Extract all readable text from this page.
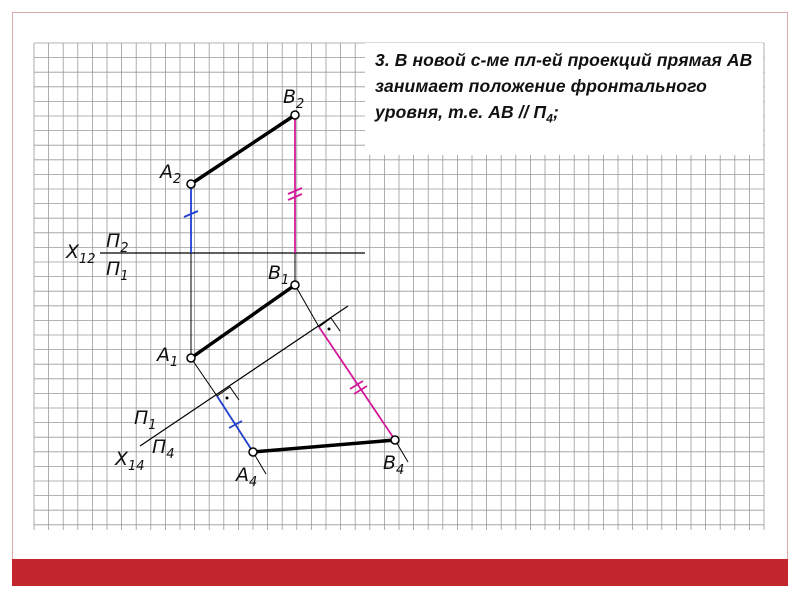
$B_2$
$A_2$
$X_{12}$
$П_2$
$П_1$	$B_1$
$A_1$
$П_1$
$П_4$
$X_{14}$	$A_4$
$B_4$
3. В новой с-ме пл-ей проекций прямая АВ занимает положение фронтального уровня, т.е. АВ // $П_4$;
